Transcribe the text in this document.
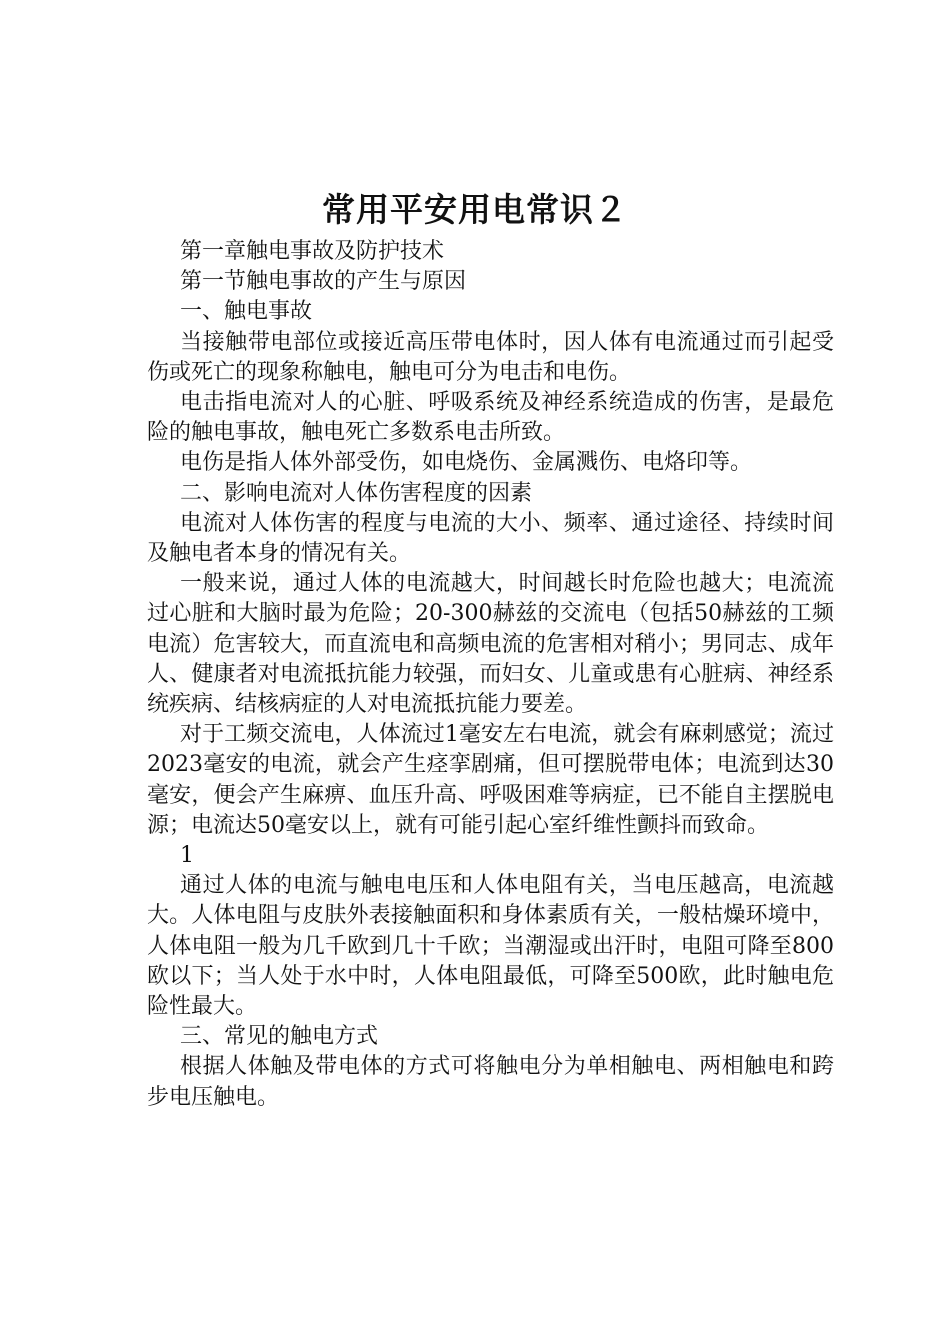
常用平安用电常识２

第一章触电事故及防护技术

第一节触电事故的产生与原因

一、触电事故

当接触带电部位或接近高压带电体时，因人体有电流通过而引起受伤或死亡的现象称触电，触电可分为电击和电伤。

电击指电流对人的心脏、呼吸系统及神经系统造成的伤害，是最危险的触电事故，触电死亡多数系电击所致。

电伤是指人体外部受伤，如电烧伤、金属溅伤、电烙印等。

二、影响电流对人体伤害程度的因素

电流对人体伤害的程度与电流的大小、频率、通过途径、持续时间及触电者本身的情况有关。

一般来说，通过人体的电流越大，时间越长时危险也越大；电流流过心脏和大脑时最为危险；20-300赫兹的交流电（包括50赫兹的工频电流）危害较大，而直流电和高频电流的危害相对稍小；男同志、成年人、健康者对电流抵抗能力较强，而妇女、儿童或患有心脏病、神经系统疾病、结核病症的人对电流抵抗能力要差。

对于工频交流电，人体流过1毫安左右电流，就会有麻刺感觉；流过2023毫安的电流，就会产生痉挛剧痛，但可摆脱带电体；电流到达30毫安，便会产生麻痹、血压升高、呼吸困难等病症，已不能自主摆脱电源；电流达50毫安以上，就有可能引起心室纤维性颤抖而致命。

1

通过人体的电流与触电电压和人体电阻有关，当电压越高，电流越大。人体电阻与皮肤外表接触面积和身体素质有关，一般枯燥环境中，人体电阻一般为几千欧到几十千欧；当潮湿或出汗时，电阻可降至800欧以下；当人处于水中时，人体电阻最低，可降至500欧，此时触电危险性最大。

三、常见的触电方式

根据人体触及带电体的方式可将触电分为单相触电、两相触电和跨步电压触电。
